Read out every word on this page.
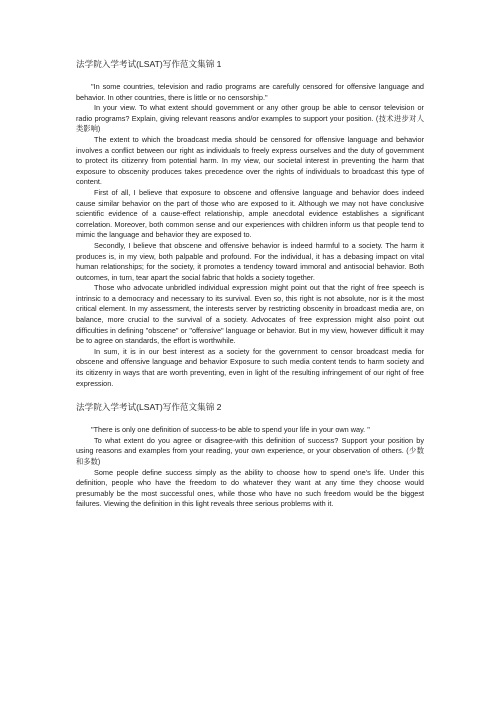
法学院入学考试(LSAT)写作范文集锦 1

"In some countries, television and radio programs are carefully censored for offensive language and behavior. In other countries, there is little or no censorship."

In your view. To what extent should government or any other group be able to censor television or radio programs? Explain, giving relevant reasons and/or examples to support your position. (技术进步对人类影响)

The extent to which the broadcast media should be censored for offensive language and behavior involves a conflict between our right as individuals to freely express ourselves and the duty of government to protect its citizenry from potential harm. In my view, our societal interest in preventing the harm that exposure to obscenity produces takes precedence over the rights of individuals to broadcast this type of content.

First of all, I believe that exposure to obscene and offensive language and behavior does indeed cause similar behavior on the part of those who are exposed to it. Although we may not have conclusive scientific evidence of a cause-effect relationship, ample anecdotal evidence establishes a significant correlation. Moreover, both common sense and our experiences with children inform us that people tend to mimic the language and behavior they are exposed to.

Secondly, I believe that obscene and offensive behavior is indeed harmful to a society. The harm it produces is, in my view, both palpable and profound. For the individual, it has a debasing impact on vital human relationships; for the society, it promotes a tendency toward immoral and antisocial behavior. Both outcomes, in turn, tear apart the social fabric that holds a society together.

Those who advocate unbridled individual expression might point out that the right of free speech is intrinsic to a democracy and necessary to its survival. Even so, this right is not absolute, nor is it the most critical element. In my assessment, the interests server by restricting obscenity in broadcast media are, on balance, more crucial to the survival of a society. Advocates of free expression might also point out difficulties in defining "obscene" or "offensive" language or behavior. But in my view, however difficult it may be to agree on standards, the effort is worthwhile.

In sum, it is in our best interest as a society for the government to censor broadcast media for obscene and offensive language and behavior Exposure to such media content tends to harm society and its citizenry in ways that are worth preventing, even in light of the resulting infringement of our right of free expression.

法学院入学考试(LSAT)写作范文集锦 2

"There is only one definition of success-to be able to spend your life in your own way. "

To what extent do you agree or disagree-with this definition of success? Support your position by using reasons and examples from your reading, your own experience, or your observation of others. (少数和多数)

Some people define success simply as the ability to choose how to spend one's life. Under this definition, people who have the freedom to do whatever they want at any time they choose would presumably be the most successful ones, while those who have no such freedom would be the biggest failures. Viewing the definition in this light reveals three serious problems with it.
